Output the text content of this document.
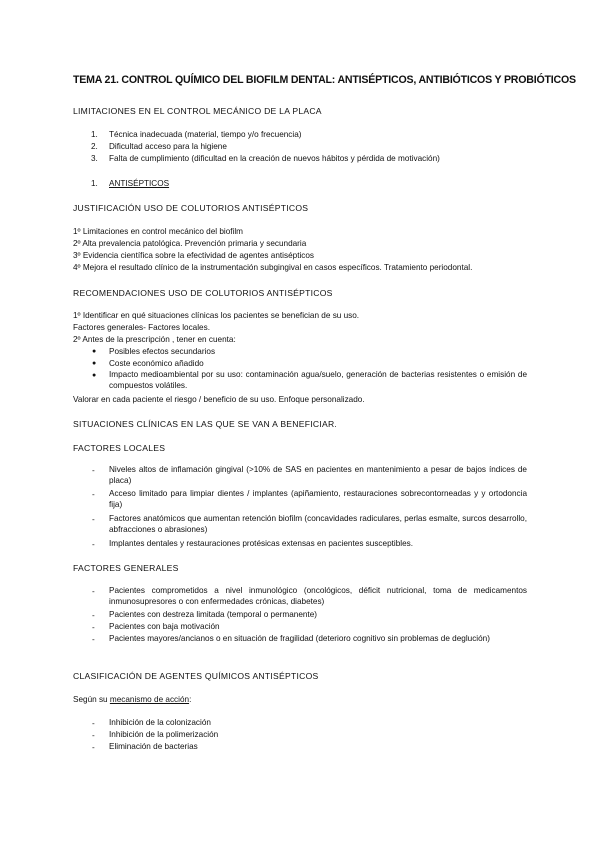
TEMA 21. CONTROL QUÍMICO DEL BIOFILM DENTAL: ANTISÉPTICOS, ANTIBIÓTICOS Y PROBIÓTICOS
LIMITACIONES EN EL CONTROL MECÁNICO DE LA PLACA
1. Técnica inadecuada (material, tiempo y/o frecuencia)
2. Dificultad acceso para la higiene
3. Falta de cumplimiento (dificultad en la creación de nuevos hábitos y pérdida de motivación)
1. ANTISÉPTICOS
JUSTIFICACIÓN USO DE COLUTORIOS ANTISÉPTICOS
1º Limitaciones en control mecánico del biofilm
2º Alta prevalencia patológica. Prevención primaria y secundaria
3º Evidencia científica sobre la efectividad de agentes antisépticos
4º Mejora el resultado clínico de la instrumentación subgingival en casos específicos. Tratamiento periodontal.
RECOMENDACIONES USO DE COLUTORIOS ANTISÉPTICOS
1º Identificar en qué situaciones clínicas los pacientes se benefician de su uso.
Factores generales- Factores locales.
2º Antes de la prescripción , tener en cuenta:
● Posibles efectos secundarios
● Coste económico añadido
● Impacto medioambiental por su uso: contaminación agua/suelo, generación de bacterias resistentes o emisión de compuestos volátiles.
Valorar en cada paciente el riesgo / beneficio de su uso. Enfoque personalizado.
SITUACIONES CLÍNICAS EN LAS QUE SE VAN A BENEFICIAR.
FACTORES LOCALES
- Niveles altos de inflamación gingival (>10% de SAS en pacientes en mantenimiento a pesar de bajos índices de placa)
- Acceso limitado para limpiar dientes / implantes (apiñamiento, restauraciones sobrecontorneadas y y ortodoncia fija)
- Factores anatómicos que aumentan retención biofilm (concavidades radiculares, perlas esmalte, surcos desarrollo, abfracciones o abrasiones)
- Implantes dentales y restauraciones protésicas extensas en pacientes susceptibles.
FACTORES GENERALES
- Pacientes comprometidos a nivel inmunológico (oncológicos, déficit nutricional, toma de medicamentos inmunosupresores o con enfermedades crónicas, diabetes)
- Pacientes con destreza limitada (temporal o permanente)
- Pacientes con baja motivación
- Pacientes mayores/ancianos o en situación de fragilidad (deterioro cognitivo sin problemas de deglución)
CLASIFICACIÓN DE AGENTES QUÍMICOS ANTISÉPTICOS
Según su mecanismo de acción:
- Inhibición de la colonización
- Inhibición de la polimerización
- Eliminación de bacterias
